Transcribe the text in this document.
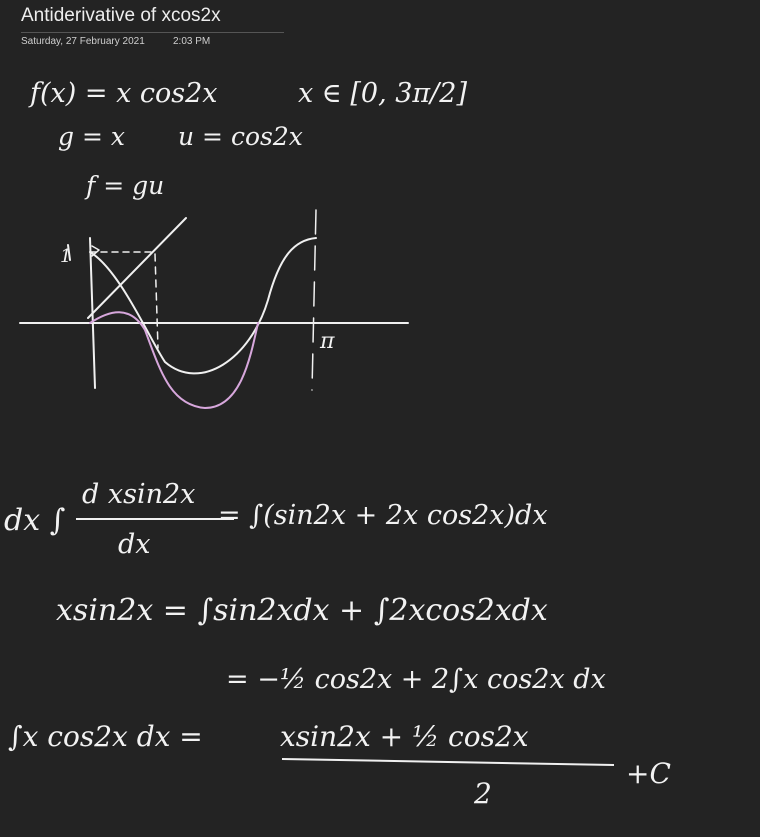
Antiderivative of xcos2x
Saturday, 27 February 2021	2:03 PM
f(x) = x cos2x	x ∈ [0, 3π/2]
g = x u = cos2x
f = gu
1
π
dx ∫
d xsin2x
dx
= ∫(sin2x + 2x cos2x)dx
xsin2x = ∫sin2xdx + ∫2xcos2xdx
= −½ cos2x + 2∫x cos2x dx
∫x cos2x dx =	xsin2x + ½ cos2x
2
+C
